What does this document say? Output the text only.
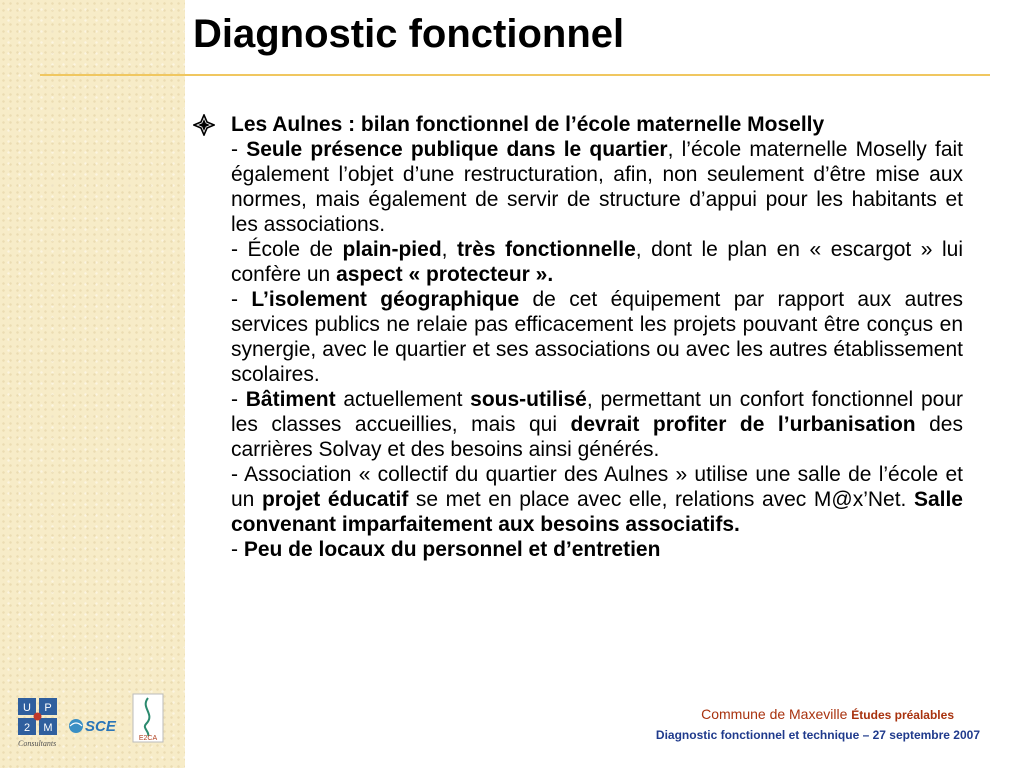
Diagnostic fonctionnel

Les Aulnes : bilan fonctionnel de l’école maternelle Moselly

- Seule présence publique dans le quartier, l’école maternelle Moselly fait également l’objet d’une restructuration, afin, non seulement d’être mise aux normes, mais également de servir de structure d’appui pour les habitants et les associations.

- École de plain-pied, très fonctionnelle, dont le plan en « escargot » lui confère un aspect « protecteur ».

- L’isolement géographique de cet équipement par rapport aux autres services publics ne relaie pas efficacement les projets pouvant être conçus en synergie, avec le quartier et ses associations ou avec les autres établissement scolaires.

- Bâtiment actuellement sous-utilisé, permettant un confort fonctionnel pour les classes accueillies, mais qui devrait profiter de l’urbanisation des carrières Solvay et des besoins ainsi générés.

- Association « collectif du quartier des Aulnes » utilise une salle de l’école et un projet éducatif se met en place avec elle, relations avec M@x’Net. Salle convenant imparfaitement aux besoins associatifs.

- Peu de locaux du personnel et d’entretien

U P
2 M
Consultants
SCE
E2CA
Commune de Maxeville Études préalables
Diagnostic fonctionnel et technique – 27 septembre 2007
